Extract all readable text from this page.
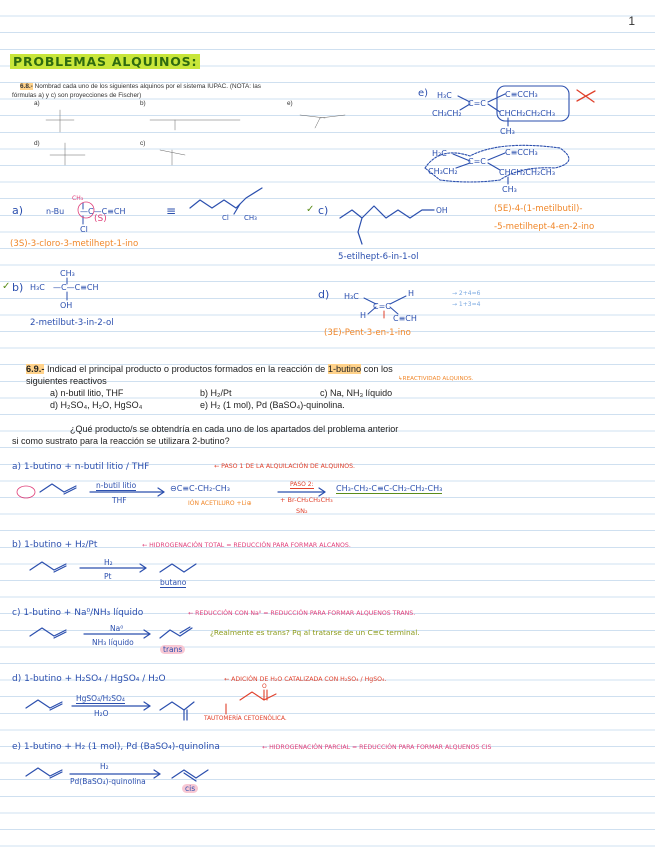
1
PROBLEMAS ALQUINOS:
6.8.- Nombrad cada uno de los siguientes alquinos por el sistema IUPAC. (NOTA: las
fórmulas a) y c) son proyecciones de Fischer)
a)	b)
c)
d)
e)
e) H₃C
C=C
C≡CCH₃
CH₃CH₂	CHCH₂CH₂CH₃
CH₃
H₃C
C=C
C≡CCH₃
CH₃CH₂	CHCH₂CH₂CH₃
CH₃
a)	n-Bu
CH₃
—C—C≡CH
Cl
Cl CH₃
(S)
≡
(3S)-3-cloro-3-metilhept-1-ino
✓ c)	OH	(5E)-4-(1-metilbutil)-
-5-metilhept-4-en-2-ino
5-etilhept-6-in-1-ol
✓ b) H₃C
CH₃
—C—C≡CH
OH
2-metilbut-3-in-2-ol
d) H₃C
C=C
H
H	C≡CH
→ 2+4=6
→ 1+3=4
(3E)-Pent-3-en-1-ino
6.9.- Indicad el principal producto o productos formados en la reacción de 1-butino con los
siguientes reactivos	↳REACTIVIDAD ALQUINOS.
a) n-butil litio, THF	b) H₂/Pt	c) Na, NH₃ líquido
d) H₂SO₄, H₂O, HgSO₄	e) H₂ (1 mol), Pd (BaSO₄)-quinolina.
¿Qué producto/s se obtendría en cada uno de los apartados del problema anterior
si como sustrato para la reacción se utilizara 2-butino?
a) 1-butino + n-butil litio / THF	← PASO 1 DE LA ALQUILACIÓN DE ALQUINOS.
n-butil litio
THF
⊖C≡C-CH₂-CH₃
IÓN ACETILURO +Li⊕
PASO 2:
+ Br-CH₂CH₂CH₃
SN₂
CH₃-CH₂-C≡C-CH₂-CH₂-CH₃
b) 1-butino + H₂/Pt	← HIDROGENACIÓN TOTAL = REDUCCIÓN PARA FORMAR ALCANOS.
H₂
Pt
butano
c) 1-butino + Na⁰/NH₃ líquido	← REDUCCIÓN CON Na⁰ = REDUCCIÓN PARA FORMAR ALQUENOS TRANS.
Na⁰
NH₃ líquido
trans
¿Realmente es trans? Pq al tratarse de un C≡C terminal.
d) 1-butino + H₂SO₄ / HgSO₄ / H₂O	← ADICIÓN DE H₂O CATALIZADA CON H₂SO₄ / HgSO₄.
O
HgSO₄/H₂SO₄
H₂O
TAUTOMERÍA CETOENÓLICA.
e) 1-butino + H₂ (1 mol), Pd (BaSO₄)-quinolina	← HIDROGENACIÓN PARCIAL = REDUCCIÓN PARA FORMAR ALQUENOS CIS
H₂
Pd(BaSO₄)-quinolina
cis
